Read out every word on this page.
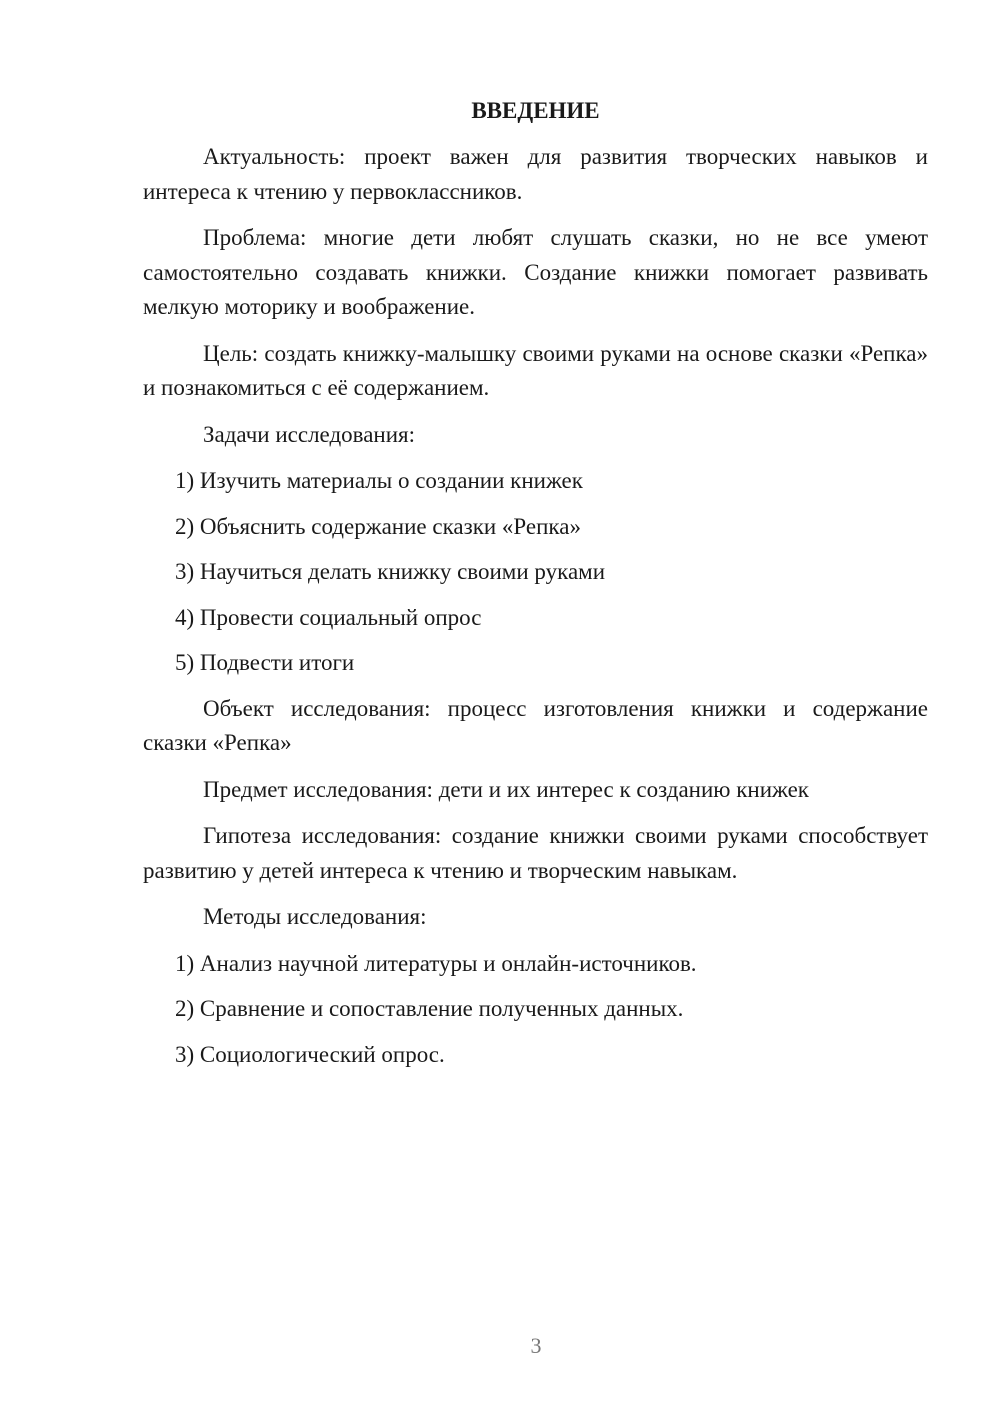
ВВЕДЕНИЕ
Актуальность: проект важен для развития творческих навыков и интереса к чтению у первоклассников.
Проблема: многие дети любят слушать сказки, но не все умеют самостоятельно создавать книжки. Создание книжки помогает развивать мелкую моторику и воображение.
Цель: создать книжку-малышку своими руками на основе сказки «Репка» и познакомиться с её содержанием.
Задачи исследования:
1) Изучить материалы о создании книжек
2) Объяснить содержание сказки «Репка»
3) Научиться делать книжку своими руками
4) Провести социальный опрос
5) Подвести итоги
Объект исследования: процесс изготовления книжки и содержание сказки «Репка»
Предмет исследования: дети и их интерес к созданию книжек
Гипотеза исследования: создание книжки своими руками способствует развитию у детей интереса к чтению и творческим навыкам.
Методы исследования:
1) Анализ научной литературы и онлайн-источников.
2) Сравнение и сопоставление полученных данных.
3) Социологический опрос.
3
